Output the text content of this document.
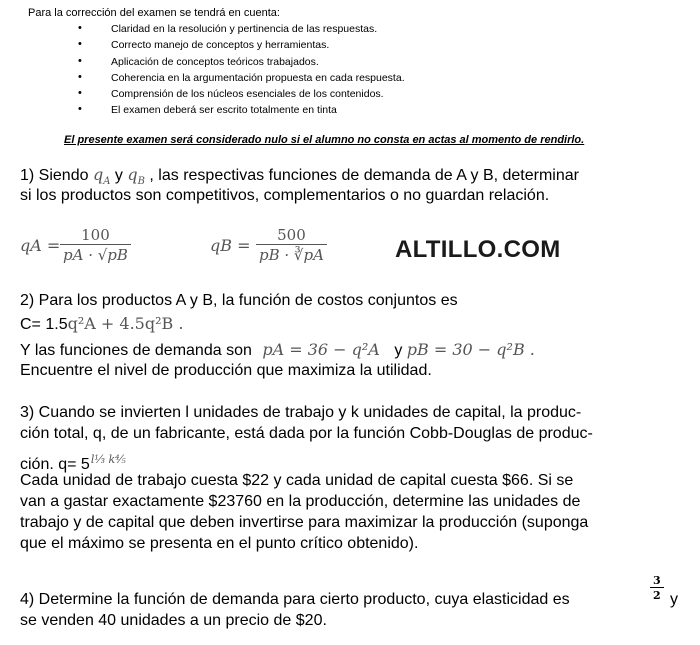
Para la corrección del examen se tendrá en cuenta:
• Claridad en la resolución y pertinencia de las respuestas.
• Correcto manejo de conceptos y herramientas.
• Aplicación de conceptos teóricos trabajados.
• Coherencia en la argumentación propuesta en cada respuesta.
• Comprensión de los núcleos esenciales de los contenidos.
• El examen deberá ser escrito totalmente en tinta
El presente examen será considerado nulo si el alumno no consta en actas al momento de rendirlo.
1) Siendo $q_A$ y $q_B$ , las respectivas funciones de demanda de A y B, determinar
si los productos son competitivos, complementarios o no guardan relación.
qA = $\frac{100}{pA \cdot √pB}$	qB = $\frac{500}{pB \cdot ∛pA}$	ALTILLO.COM
2) Para los productos A y B, la función de costos conjuntos es
C= 1.5q²A + 4.5q²B .
Y las funciones de demanda son pA = 36 − q²A y pB = 30 − q²B .
Encuentre el nivel de producción que maximiza la utilidad.
3) Cuando se invierten l unidades de trabajo y k unidades de capital, la produc-
ción total, q, de un fabricante, está dada por la función Cobb-Douglas de produc-
ción. $q= 5^{l\frac{1}{3} k\frac{4}{5}}$
Cada unidad de trabajo cuesta $22 y cada unidad de capital cuesta $66. Si se
van a gastar exactamente $23760 en la producción, determine las unidades de
trabajo y de capital que deben invertirse para maximizar la producción (suponga
que el máximo se presenta en el punto crítico obtenido).
4) Determine la función de demanda para cierto producto, cuya elasticidad es	$\frac{3}{2}$ y
se venden 40 unidades a un precio de $20.
